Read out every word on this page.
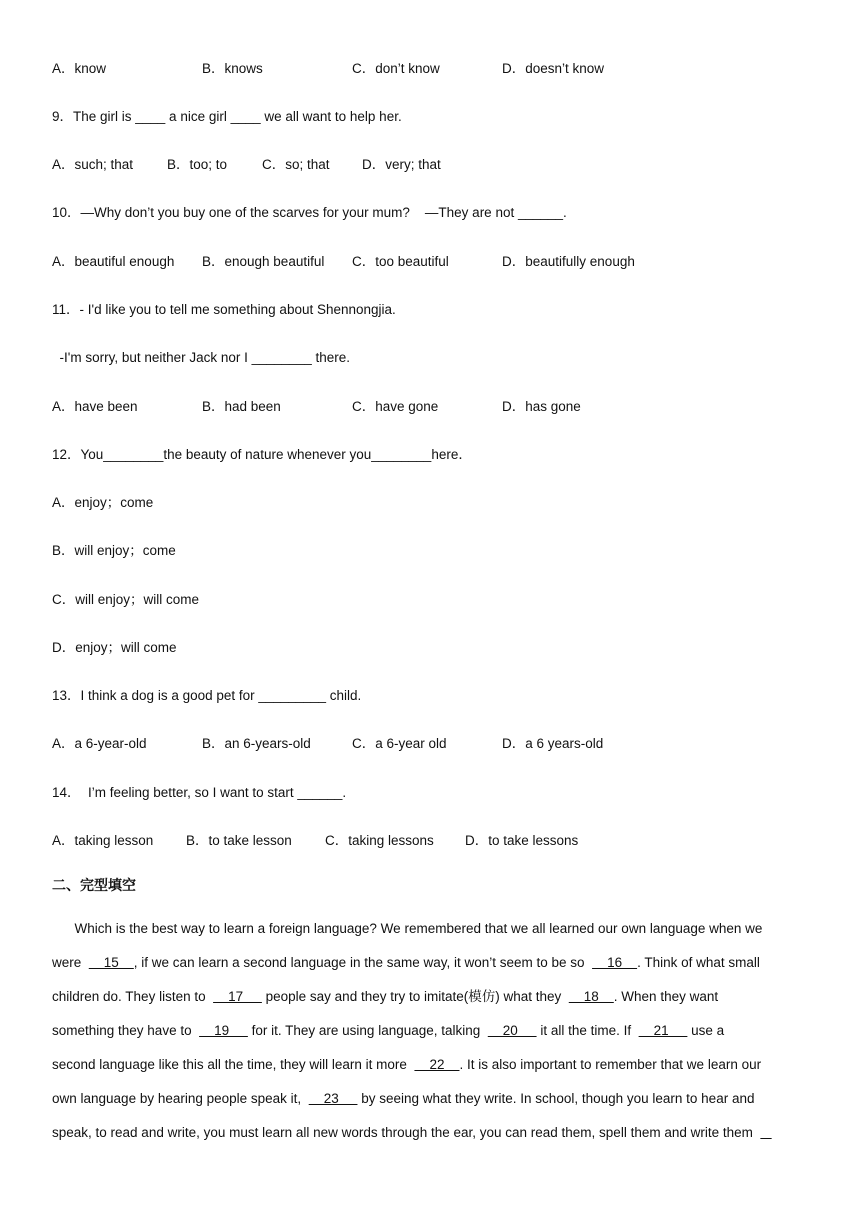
A．know	B．knows	C．don’t know	D．doesn’t know
9．The girl is ____ a nice girl ____ we all want to help her.
A．such; that	B．too; to	C．so; that D．very; that
10．—Why don’t you buy one of the scarves for your mum?    —They are not ______.
A．beautiful enough B．enough beautiful C．too beautiful	D．beautifully enough
11．- I'd like you to tell me something about Shennongjia.
-I'm sorry, but neither Jack nor I ________ there.
A．have been	B．had been	C．have gone	D．has gone
12．You________the beauty of nature whenever you________here．
A．enjoy；come
B．will enjoy；come
C．will enjoy；will come
D．enjoy；will come
13．I think a dog is a good pet for _________ child.
A．a 6-year-old	B．an 6-years-old	C．a 6-year old	D．a 6 years-old
14．  I’m feeling better, so I want to start ______.
A．taking lesson B．to take lesson C．taking lessons D．to take lessons
二、完型填空
Which is the best way to learn a foreign language? We remembered that we all learned our own language when we
were      15    , if we can learn a second language in the same way, it won’t seem to be so      16    . Think of what small
children do. They listen to      17      people say and they try to imitate(模仿) what they      18    . When they want
something they have to      19      for it. They are using language, talking      20      it all the time. If      21      use a
second language like this all the time, they will learn it more      22    . It is also important to remember that we learn our
own language by hearing people speak it,      23      by seeing what they write. In school, though you learn to hear and
speak, to read and write, you must learn all new words through the ear, you can read them, spell them and write them
